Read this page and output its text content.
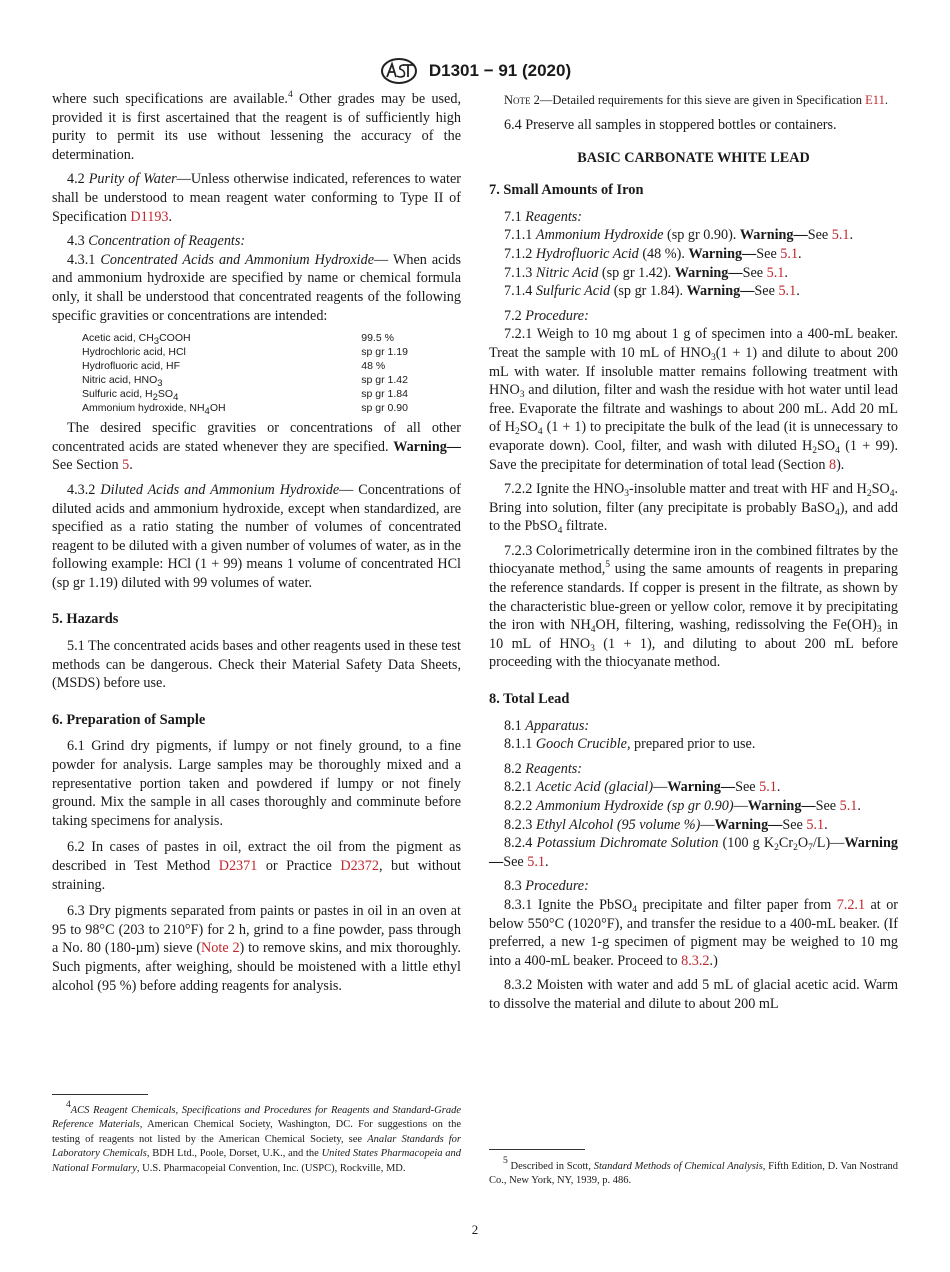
D1301 − 91 (2020)

where such specifications are available.$^4$ Other grades may be used, provided it is first ascertained that the reagent is of sufficiently high purity to permit its use without lessening the accuracy of the determination.

4.2 Purity of Water—Unless otherwise indicated, references to water shall be understood to mean reagent water conforming to Type II of Specification D1193.

4.3 Concentration of Reagents:

4.3.1 Concentrated Acids and Ammonium Hydroxide— When acids and ammonium hydroxide are specified by name or chemical formula only, it shall be understood that concentrated reagents of the following specific gravities or concentrations are intended:

Acetic acid, $CH_3COOH$	99.5 %
Hydrochloric acid, HCl	sp gr 1.19
Hydrofluoric acid, HF	48 %
Nitric acid, $HNO_3$	sp gr 1.42
Sulfuric acid, $H_2SO_4$	sp gr 1.84
Ammonium hydroxide, $NH_4OH$	sp gr 0.90

The desired specific gravities or concentrations of all other concentrated acids are stated whenever they are specified. Warning—See Section 5.

4.3.2 Diluted Acids and Ammonium Hydroxide— Concentrations of diluted acids and ammonium hydroxide, except when standardized, are specified as a ratio stating the number of volumes of concentrated reagent to be diluted with a given number of volumes of water, as in the following example: HCl (1 + 99) means 1 volume of concentrated HCl (sp gr 1.19) diluted with 99 volumes of water.

5. Hazards

5.1 The concentrated acids bases and other reagents used in these test methods can be dangerous. Check their Material Safety Data Sheets, (MSDS) before use.

6. Preparation of Sample

6.1 Grind dry pigments, if lumpy or not finely ground, to a fine powder for analysis. Large samples may be thoroughly mixed and a representative portion taken and powdered if lumpy or not finely ground. Mix the sample in all cases thoroughly and comminute before taking specimens for analysis.

6.2 In cases of pastes in oil, extract the oil from the pigment as described in Test Method D2371 or Practice D2372, but without straining.

6.3 Dry pigments separated from paints or pastes in oil in an oven at 95 to 98°C (203 to 210°F) for 2 h, grind to a fine powder, pass through a No. 80 (180-µm) sieve (Note 2) to remove skins, and mix thoroughly. Such pigments, after weighing, should be moistened with a little ethyl alcohol (95 %) before adding reagents for analysis.

$^4$ACS Reagent Chemicals, Specifications and Procedures for Reagents and Standard-Grade Reference Materials, American Chemical Society, Washington, DC. For suggestions on the testing of reagents not listed by the American Chemical Society, see Analar Standards for Laboratory Chemicals, BDH Ltd., Poole, Dorset, U.K., and the United States Pharmacopeia and National Formulary, U.S. Pharmacopeial Convention, Inc. (USPC), Rockville, MD.

Note 2—Detailed requirements for this sieve are given in Specification E11.

6.4 Preserve all samples in stoppered bottles or containers.

BASIC CARBONATE WHITE LEAD
7. Small Amounts of Iron

7.1 Reagents:

7.1.1 Ammonium Hydroxide (sp gr 0.90). Warning—See 5.1.

7.1.2 Hydrofluoric Acid (48 %). Warning—See 5.1.

7.1.3 Nitric Acid (sp gr 1.42). Warning—See 5.1.

7.1.4 Sulfuric Acid (sp gr 1.84). Warning—See 5.1.

7.2 Procedure:

7.2.1 Weigh to 10 mg about 1 g of specimen into a 400-mL beaker. Treat the sample with 10 mL of $HNO_3(1 + 1)$ and dilute to about 200 mL with water. If insoluble matter remains following treatment with $HNO_3$ and dilution, filter and wash the residue with hot water until lead free. Evaporate the filtrate and washings to about 200 mL. Add 20 mL of $H_2SO_4$ (1 + 1) to precipitate the bulk of the lead (it is unnecessary to evaporate down). Cool, filter, and wash with diluted $H_2SO_4$ (1 + 99). Save the precipitate for determination of total lead (Section 8).

7.2.2 Ignite the $HNO_3$-insoluble matter and treat with HF and $H_2SO_4$. Bring into solution, filter (any precipitate is probably BaSO$_4$), and add to the PbSO$_4$ filtrate.

7.2.3 Colorimetrically determine iron in the combined filtrates by the thiocyanate method,$^5$ using the same amounts of reagents in preparing the reference standards. If copper is present in the filtrate, as shown by the characteristic blue-green or yellow color, remove it by precipitating the iron with $NH_4OH$, filtering, washing, redissolving the $Fe(OH)_3$ in 10 mL of $HNO_3$ (1 + 1), and diluting to about 200 mL before proceeding with the thiocyanate method.

8. Total Lead

8.1 Apparatus:

8.1.1 Gooch Crucible, prepared prior to use.

8.2 Reagents:

8.2.1 Acetic Acid (glacial)—Warning—See 5.1.

8.2.2 Ammonium Hydroxide (sp gr 0.90)—Warning—See 5.1.

8.2.3 Ethyl Alcohol (95 volume %)—Warning—See 5.1.

8.2.4 Potassium Dichromate Solution (100 g $K_2Cr_2O_7/L)—Warning—See$ 5.1.

8.3 Procedure:

8.3.1 Ignite the PbSO$_4$ precipitate and filter paper from 7.2.1 at or below 550°C (1020°F), and transfer the residue to a 400-mL beaker. (If preferred, a new 1-g specimen of pigment may be weighed to 10 mg into a 400-mL beaker. Proceed to 8.3.2.)

8.3.2 Moisten with water and add 5 mL of glacial acetic acid. Warm to dissolve the material and dilute to about 200 mL

$^5$ Described in Scott, Standard Methods of Chemical Analysis, Fifth Edition, D. Van Nostrand Co., New York, NY, 1939, p. 486.
2
